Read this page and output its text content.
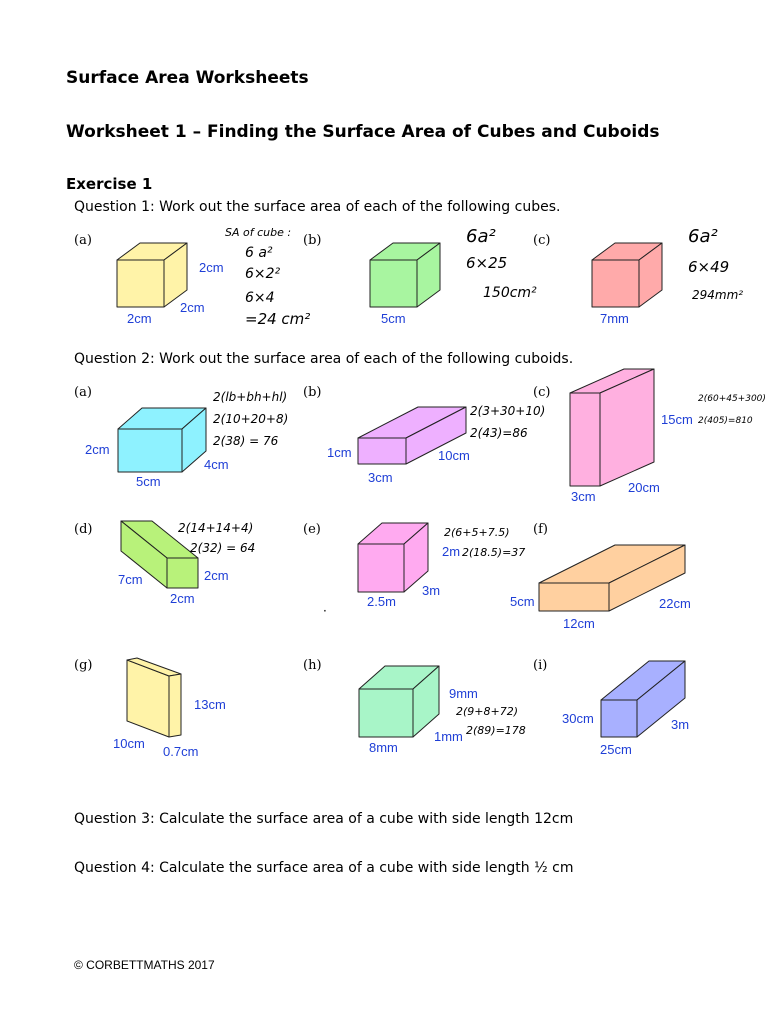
Surface Area Worksheets
Worksheet 1 – Finding the Surface Area of Cubes and Cuboids
Exercise 1
Question 1: Work out the surface area of each of the following cubes.
(a)
2cm
2cm
2cm
SA of cube :
6 a²
6×2²
6×4
=24 cm²
(b)
5cm
6a²
6×25
150cm²
(c)
7mm
6a²
6×49
294mm²
Question 2: Work out the surface area of each of the following cuboids.
(a)
2cm
5cm
4cm
2(lb+bh+hl)
2(10+20+8)
2(38) = 76
(b)
1cm
3cm
10cm
2(3+30+10)
2(43)=86
(c)
15cm
3cm
20cm
2(60+45+300)
2(405)=810
(d)
7cm
2cm
2cm
2(14+14+4)
2(32) = 64
(e)
2m
2.5m
3m
2(6+5+7.5)
2(18.5)=37
·
(f)
5cm
12cm
22cm
(g)
13cm
10cm
0.7cm
(h)
9mm
8mm
1mm
2(9+8+72)
2(89)=178
(i)
30cm
25cm
3m
Question 3: Calculate the surface area of a cube with side length 12cm
Question 4: Calculate the surface area of a cube with side length ½ cm
© CORBETTMATHS 2017
